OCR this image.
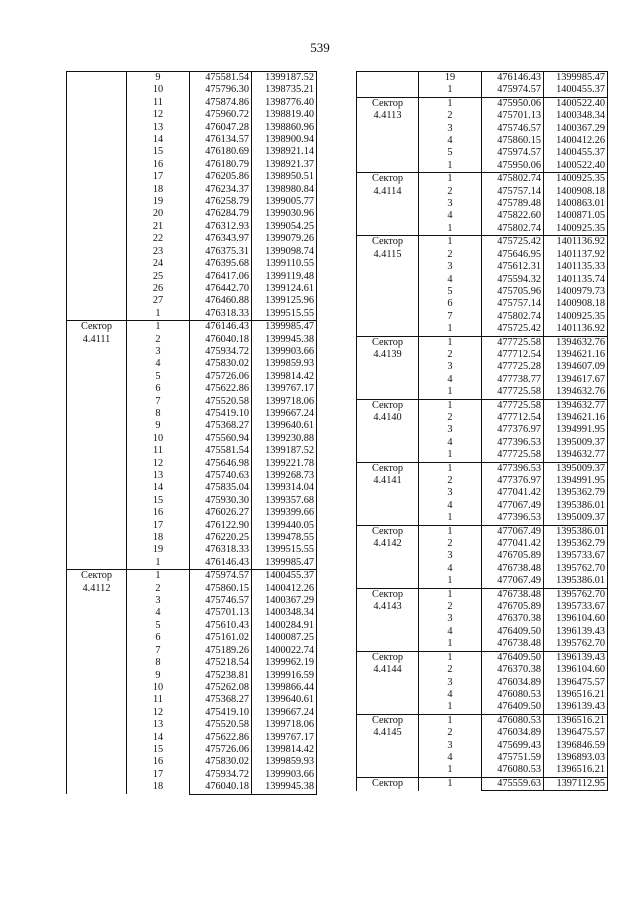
539
	9	475581.54	1399187.52
	10	475796.30	1398735.21
	11	475874.86	1398776.40
	12	475960.72	1398819.40
	13	476047.28	1398860.96
	14	476134.57	1398900.94
	15	476180.69	1398921.14
	16	476180.79	1398921.37
	17	476205.86	1398950.51
	18	476234.37	1398980.84
	19	476258.79	1399005.77
	20	476284.79	1399030.96
	21	476312.93	1399054.25
	22	476343.97	1399079.26
	23	476375.31	1399098.74
	24	476395.68	1399110.55
	25	476417.06	1399119.48
	26	476442.70	1399124.61
	27	476460.88	1399125.96
	1	476318.33	1399515.55

Сектор
4.4111	1	476146.43	1399985.47
	2	476040.18	1399945.38
	3	475934.72	1399903.66
	4	475830.02	1399859.93
	5	475726.06	1399814.42
	6	475622.86	1399767.17
	7	475520.58	1399718.06
	8	475419.10	1399667.24
	9	475368.27	1399640.61
	10	475560.94	1399230.88
	11	475581.54	1399187.52
	12	475646.98	1399221.78
	13	475740.63	1399268.73
	14	475835.04	1399314.04
	15	475930.30	1399357.68
	16	476026.27	1399399.66
	17	476122.90	1399440.05
	18	476220.25	1399478.55
	19	476318.33	1399515.55
	1	476146.43	1399985.47

Сектор
4.4112	1	475974.57	1400455.37
	2	475860.15	1400412.26
	3	475746.57	1400367.29
	4	475701.13	1400348.34
	5	475610.43	1400284.91
	6	475161.02	1400087.25
	7	475189.26	1400022.74
	8	475218.54	1399962.19
	9	475238.81	1399916.59
	10	475262.08	1399866.44
	11	475368.27	1399640.61
	12	475419.10	1399667.24
	13	475520.58	1399718.06
	14	475622.86	1399767.17
	15	475726.06	1399814.42
	16	475830.02	1399859.93
	17	475934.72	1399903.66
	18	476040.18	1399945.38
	19	476146.43	1399985.47
	1	475974.57	1400455.37

Сектор
4.4113	1	475950.06	1400522.40
	2	475701.13	1400348.34
	3	475746.57	1400367.29
	4	475860.15	1400412.26
	5	475974.57	1400455.37
	1	475950.06	1400522.40

Сектор
4.4114	1	475802.74	1400925.35
	2	475757.14	1400908.18
	3	475789.48	1400863.01
	4	475822.60	1400871.05
	1	475802.74	1400925.35

Сектор
4.4115	1	475725.42	1401136.92
	2	475646.95	1401137.92
	3	475612.31	1401135.33
	4	475594.32	1401135.74
	5	475705.96	1400979.73
	6	475757.14	1400908.18
	7	475802.74	1400925.35
	1	475725.42	1401136.92

Сектор
4.4139	1	477725.58	1394632.76
	2	477712.54	1394621.16
	3	477725.28	1394607.09
	4	477738.77	1394617.67
	1	477725.58	1394632.76

Сектор
4.4140	1	477725.58	1394632.77
	2	477712.54	1394621.16
	3	477376.97	1394991.95
	4	477396.53	1395009.37
	1	477725.58	1394632.77

Сектор
4.4141	1	477396.53	1395009.37
	2	477376.97	1394991.95
	3	477041.42	1395362.79
	4	477067.49	1395386.01
	1	477396.53	1395009.37

Сектор
4.4142	1	477067.49	1395386.01
	2	477041.42	1395362.79
	3	476705.89	1395733.67
	4	476738.48	1395762.70
	1	477067.49	1395386.01

Сектор
4.4143	1	476738.48	1395762.70
	2	476705.89	1395733.67
	3	476370.38	1396104.60
	4	476409.50	1396139.43
	1	476738.48	1395762.70

Сектор
4.4144	1	476409.50	1396139.43
	2	476370.38	1396104.60
	3	476034.89	1396475.57
	4	476080.53	1396516.21
	1	476409.50	1396139.43

Сектор
4.4145	1	476080.53	1396516.21
	2	476034.89	1396475.57
	3	475699.43	1396846.59
	4	475751.59	1396893.03
	1	476080.53	1396516.21

Сектор	1	475559.63	1397112.95
